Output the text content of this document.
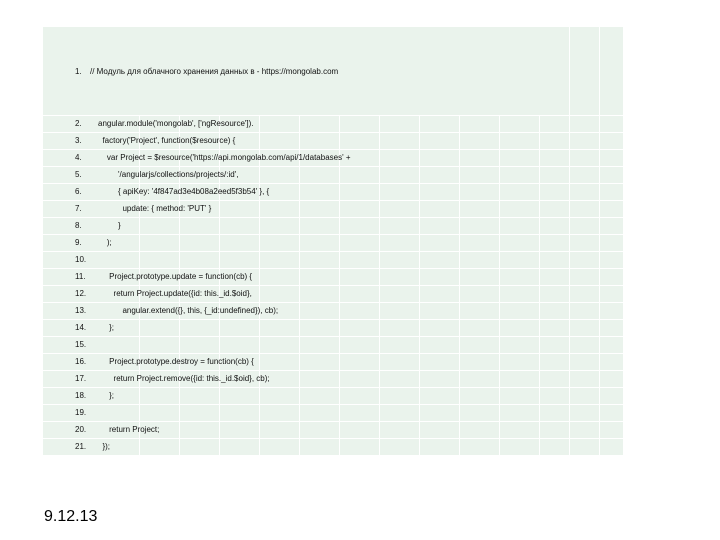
1. // Модуль для облачного хранения данных в - https://mongolab.com
2. angular.module('mongolab', ['ngResource']).
3. factory('Project', function($resource) {
4. var Project = $resource('https://api.mongolab.com/api/1/databases' +
5. '/angularjs/collections/projects/:id',
6. { apiKey: '4f847ad3e4b08a2eed5f3b54' }, {
7. update: { method: 'PUT' }
8. }
9. );
10.
11. Project.prototype.update = function(cb) {
12. return Project.update({id: this._id.$oid},
13. angular.extend({}, this, {_id:undefined}), cb);
14. };
15.
16. Project.prototype.destroy = function(cb) {
17. return Project.remove({id: this._id.$oid}, cb);
18. };
19.
20. return Project;
21. });
9.12.13
